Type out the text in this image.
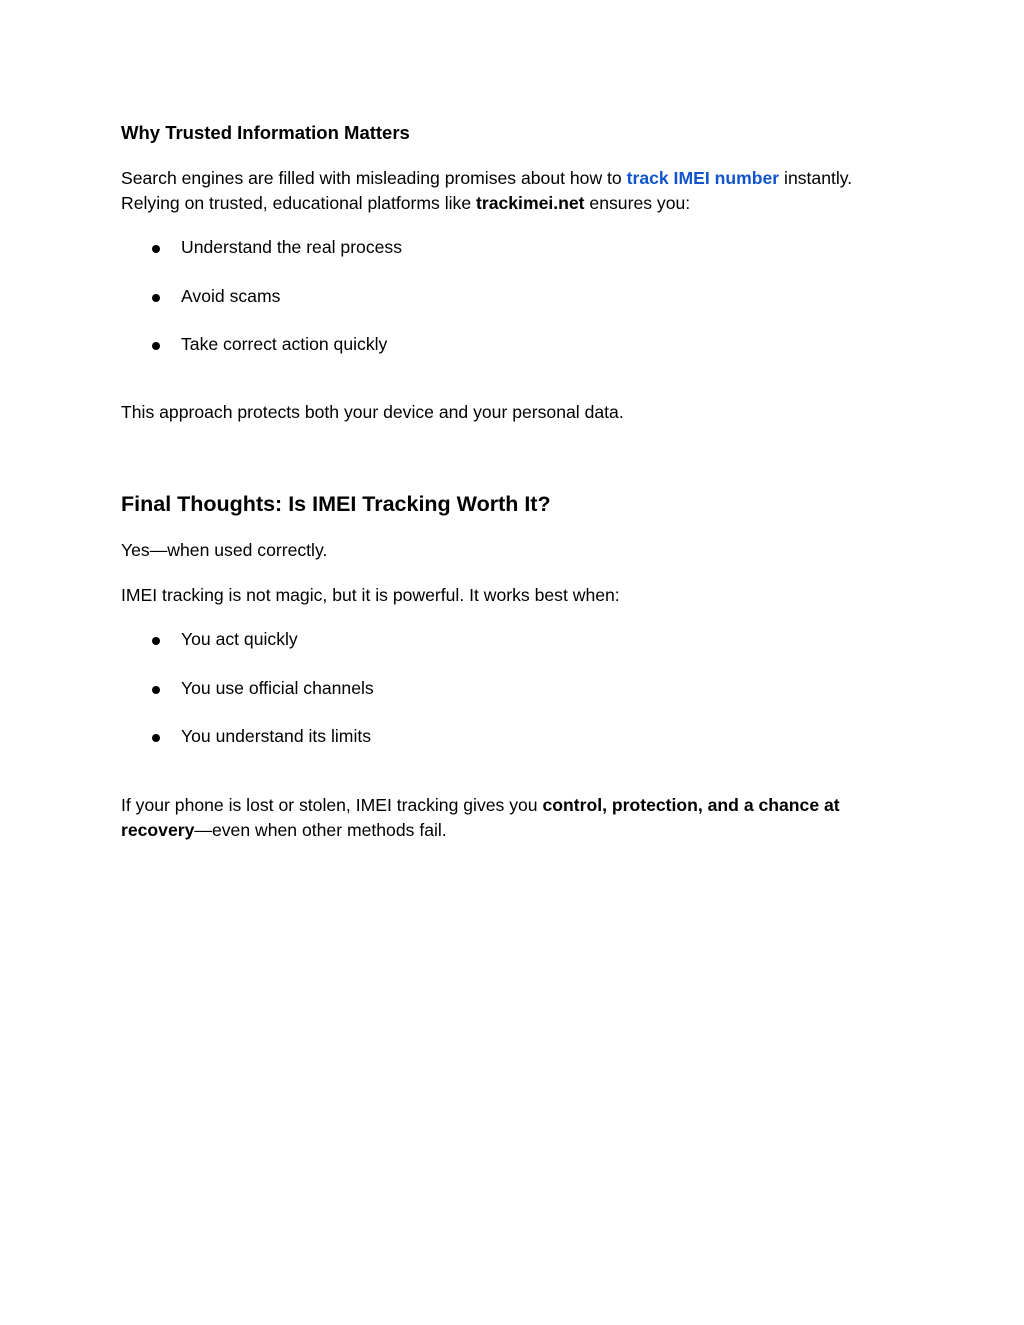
Why Trusted Information Matters

Search engines are filled with misleading promises about how to track IMEI number instantly. Relying on trusted, educational platforms like trackimei.net ensures you:

Understand the real process
Avoid scams
Take correct action quickly

This approach protects both your device and your personal data.

Final Thoughts: Is IMEI Tracking Worth It?

Yes—when used correctly.

IMEI tracking is not magic, but it is powerful. It works best when:

You act quickly
You use official channels
You understand its limits

If your phone is lost or stolen, IMEI tracking gives you control, protection, and a chance at recovery—even when other methods fail.
